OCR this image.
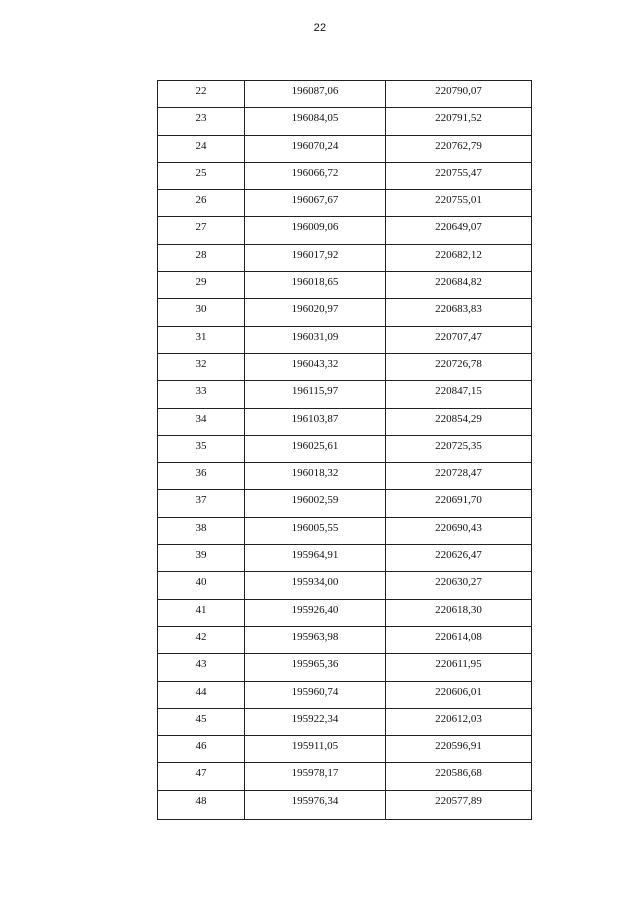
22
22	196087,06	220790,07

23	196084,05	220791,52

24	196070,24	220762,79

25	196066,72	220755,47

26	196067,67	220755,01

27	196009,06	220649,07

28	196017,92	220682,12

29	196018,65	220684,82

30	196020,97	220683,83

31	196031,09	220707,47

32	196043,32	220726,78

33	196115,97	220847,15

34	196103,87	220854,29

35	196025,61	220725,35

36	196018,32	220728,47

37	196002,59	220691,70

38	196005,55	220690,43

39	195964,91	220626,47

40	195934,00	220630,27

41	195926,40	220618,30

42	195963,98	220614,08

43	195965,36	220611,95

44	195960,74	220606,01

45	195922,34	220612,03

46	195911,05	220596,91

47	195978,17	220586,68

48	195976,34	220577,89
